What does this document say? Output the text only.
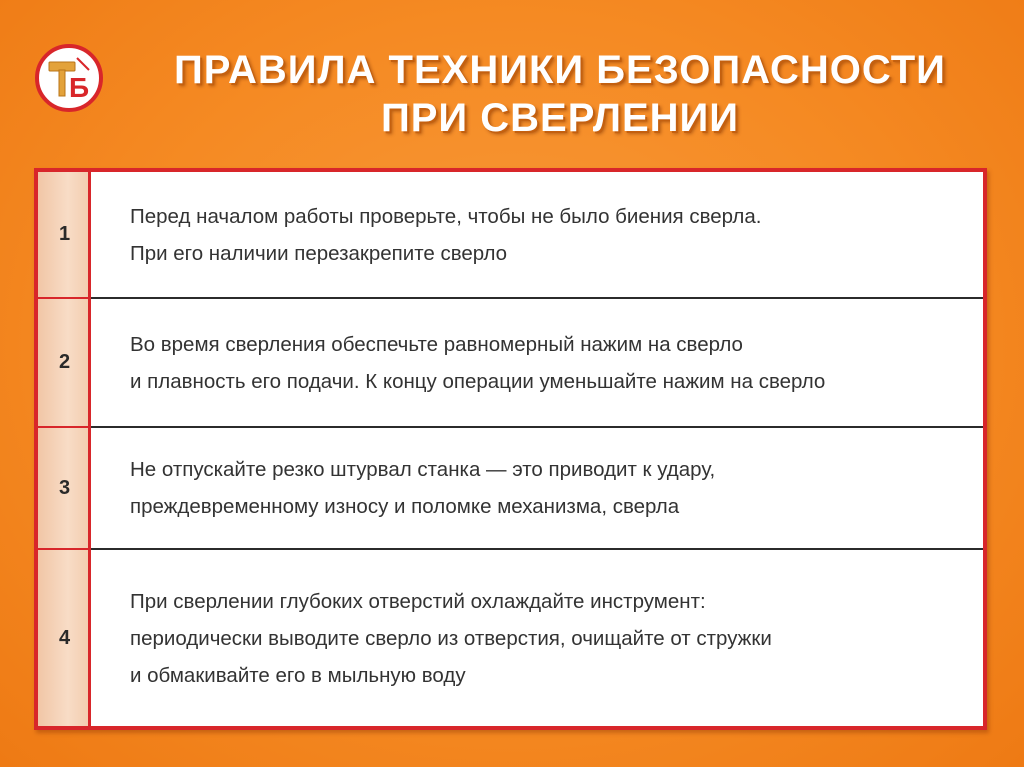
Б	ПРАВИЛА ТЕХНИКИ БЕЗОПАСНОСТИ
ПРИ СВЕРЛЕНИИ
1
Перед началом работы проверьте, чтобы не было биения сверла.
При его наличии перезакрепите сверло
2
Во время сверления обеспечьте равномерный нажим на сверло
и плавность его подачи. К концу операции уменьшайте нажим на сверло
3
Не отпускайте резко штурвал станка — это приводит к удару,
преждевременному износу и поломке механизма, сверла
4
При сверлении глубоких отверстий охлаждайте инструмент:
периодически выводите сверло из отверстия, очищайте от стружки
и обмакивайте его в мыльную воду
